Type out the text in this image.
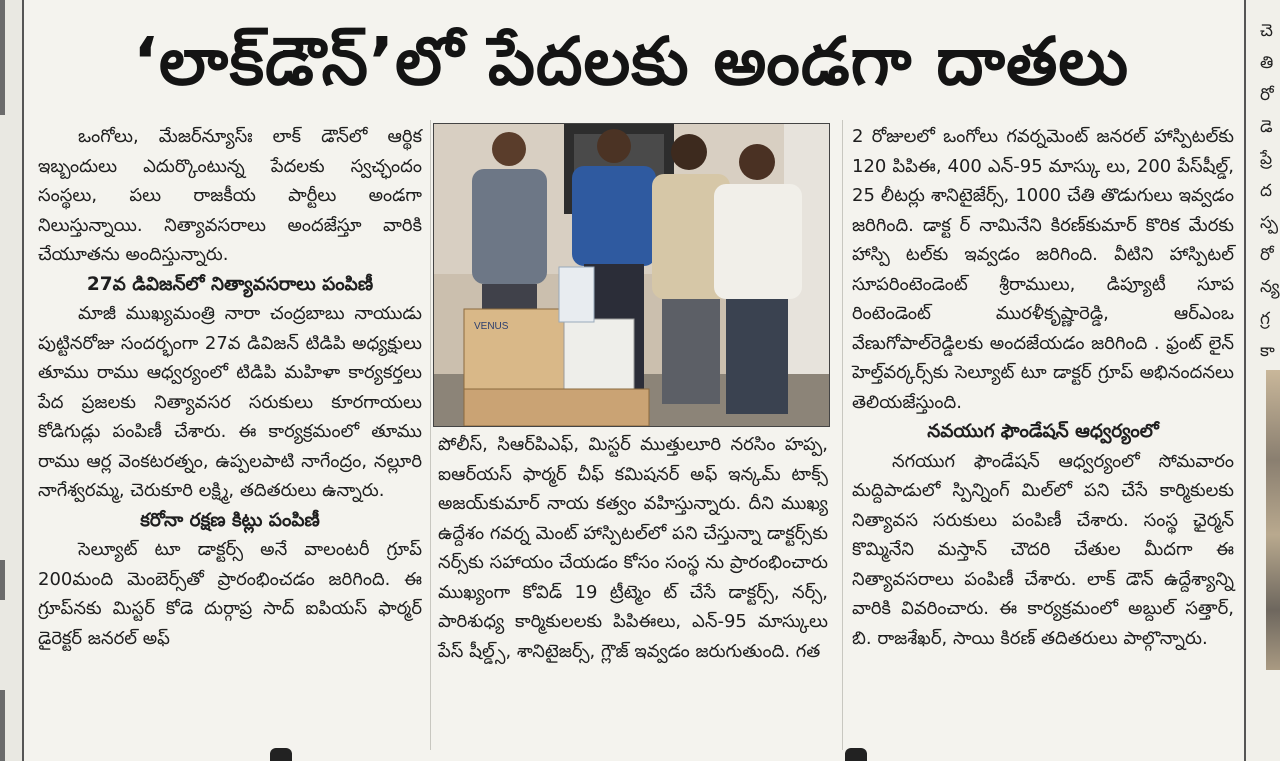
చె
తి
రో
డె
ప్రే
ద
స్ప
రో
న్య
గ్ర
కా
‘లాక్‌డౌన్’లో పేదలకు అండగా దాతలు

ఒంగోలు, మేజర్‌న్యూస్ః లాక్ డౌన్‌లో ఆర్థిక ఇబ్బందులు ఎదుర్కొంటున్న పేదలకు స్వచ్ఛందం సంస్థలు, పలు రాజకీయ పార్టీలు అండగా నిలుస్తున్నాయి. నిత్యావసరాలు అందజేస్తూ వారికి చేయూతను అందిస్తున్నారు.

27వ డివిజన్‌లో నిత్యావసరాలు పంపిణీ

మాజీ ముఖ్యమంత్రి నారా చంద్రబాబు నాయుడు పుట్టినరోజు సందర్భంగా 27వ డివిజన్ టిడిపి అధ్యక్షులు తూము రాము ఆధ్వర్యంలో టిడిపి మహిళా కార్యకర్తలు పేద ప్రజలకు నిత్యావసర సరుకులు కూరగాయలు కోడిగుడ్లు పంపిణీ చేశారు. ఈ కార్యక్రమంలో తూము రాము ఆర్ల వెంకటరత్నం, ఉప్పలపాటి నాగేంద్రం, నల్లూరి నాగేశ్వరమ్మ, చెరుకూరి లక్ష్మి, తదితరులు ఉన్నారు.

కరోనా రక్షణ కిట్లు పంపిణీ

సెల్యూట్ టూ డాక్టర్స్ అనే వాలంటరీ గ్రూప్ 200మంది మెంబెర్స్‌తో ప్రారంభించడం జరిగింది. ఈ గ్రూప్‌నకు మిస్టర్ కోడె దుర్గాప్ర సాద్ ఐపియస్ ఫార్మర్ డైరెక్టర్ జనరల్ అఫ్

VENUS

పోలీస్, సిఆర్‌పిఎఫ్, మిస్టర్ ముత్తులూరి నరసిం హప్ప, ఐఆర్‌యస్ ఫార్మర్ చీఫ్ కమిషనర్ అఫ్ ఇన్కమ్ టాక్స్ అజయ్‌కుమార్ నాయ కత్వం వహిస్తున్నారు. దీని ముఖ్య ఉద్దేశం గవర్న మెంట్ హాస్పిటల్‌లో పని చేస్తున్నా డాక్టర్స్‌కు నర్స్‌కు సహాయం చేయడం కోసం సంస్థ ను ప్రారంభించారు ముఖ్యంగా కోవిడ్ 19 ట్రీట్మెం ట్ చేసే డాక్టర్స్, నర్స్, పారిశుధ్య కార్మికులలకు పిపిఈలు, ఎన్-95 మాస్కులు పేస్ షీల్డ్స్, శానిటైజర్స్, గ్లౌజ్ ఇవ్వడం జరుగుతుంది. గత

2 రోజులలో ఒంగోలు గవర్నమెంట్ జనరల్ హాస్పిటల్‌కు 120 పిపిఈ, 400 ఎన్-95 మాస్కు లు, 200 పేస్‌షీల్డ్, 25 లీటర్లు శానిటైజేర్స్, 1000 చేతి తొడుగులు ఇవ్వడం జరిగింది. డాక్ట ర్ నామినేని కిరణ్‌కుమార్ కొరిక మేరకు హాస్పి టల్‌కు ఇవ్వడం జరిగింది. వీటిని హాస్పిటల్ సూపరింటెండెంట్ శ్రీరాములు, డిప్యూటీ సూప రింటెండెంట్ మురళీకృష్ణారెడ్డి, ఆర్ఎంఒ వేణుగోపాల్‌రెడ్డిలకు అందజేయడం జరిగింది . ఫ్రంట్ లైన్ హెల్త్‌వర్కర్స్‌కు సెల్యూట్ టూ డాక్టర్ గ్రూప్ అభినందనలు తెలియజేస్తుంది.

నవయుగ ఫౌండేషన్ ఆధ్వర్యంలో

నగయుగ ఫౌండేషన్ ఆధ్వర్యంలో సోమవారం మద్దిపాడులో స్పిన్నింగ్ మిల్‌లో పని చేసే కార్మికులకు నిత్యావస సరుకులు పంపిణీ చేశారు. సంస్థ ఛైర్మన్ కొమ్మినేని మస్తాన్ చౌదరి చేతుల మీదగా ఈ నిత్యావసరాలు పంపిణీ చేశారు. లాక్ డౌన్ ఉద్దేశ్యాన్ని వారికి వివరించారు. ఈ కార్యక్రమంలో అబ్దుల్ సత్తార్, బి. రాజశేఖర్, సాయి కిరణ్ తదితరులు పాల్గొన్నారు.
